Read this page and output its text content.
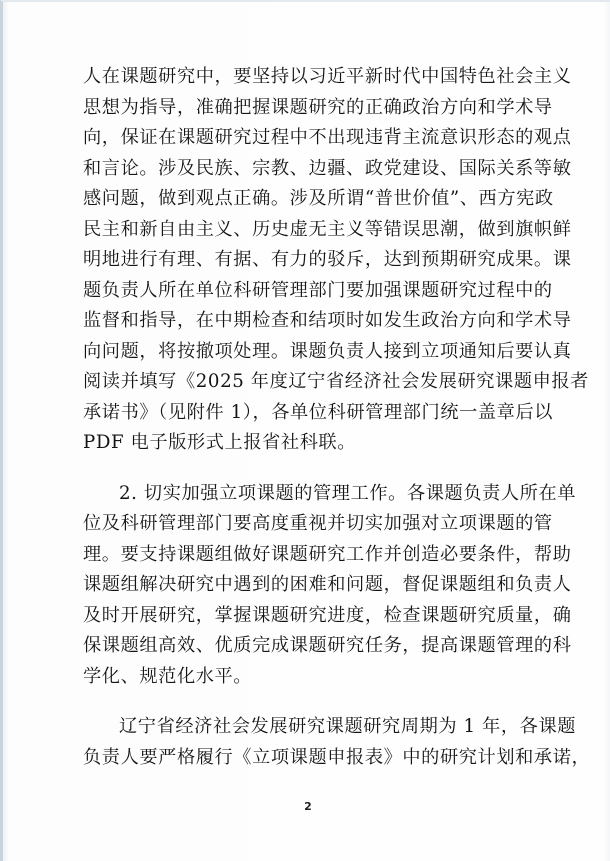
人在课题研究中，要坚持以习近平新时代中国特色社会主义
思想为指导，准确把握课题研究的正确政治方向和学术导
向，保证在课题研究过程中不出现违背主流意识形态的观点
和言论。涉及民族、宗教、边疆、政党建设、国际关系等敏
感问题，做到观点正确。涉及所谓“普世价值”、西方宪政
民主和新自由主义、历史虚无主义等错误思潮，做到旗帜鲜
明地进行有理、有据、有力的驳斥，达到预期研究成果。课
题负责人所在单位科研管理部门要加强课题研究过程中的
监督和指导，在中期检查和结项时如发生政治方向和学术导
向问题，将按撤项处理。课题负责人接到立项通知后要认真
阅读并填写《2025 年度辽宁省经济社会发展研究课题申报者
承诺书》（见附件 1），各单位科研管理部门统一盖章后以
PDF 电子版形式上报省社科联。
2. 切实加强立项课题的管理工作。各课题负责人所在单
位及科研管理部门要高度重视并切实加强对立项课题的管
理。要支持课题组做好课题研究工作并创造必要条件，帮助
课题组解决研究中遇到的困难和问题，督促课题组和负责人
及时开展研究，掌握课题研究进度，检查课题研究质量，确
保课题组高效、优质完成课题研究任务，提高课题管理的科
学化、规范化水平。
辽宁省经济社会发展研究课题研究周期为 1 年，各课题
负责人要严格履行《立项课题申报表》中的研究计划和承诺，
2
